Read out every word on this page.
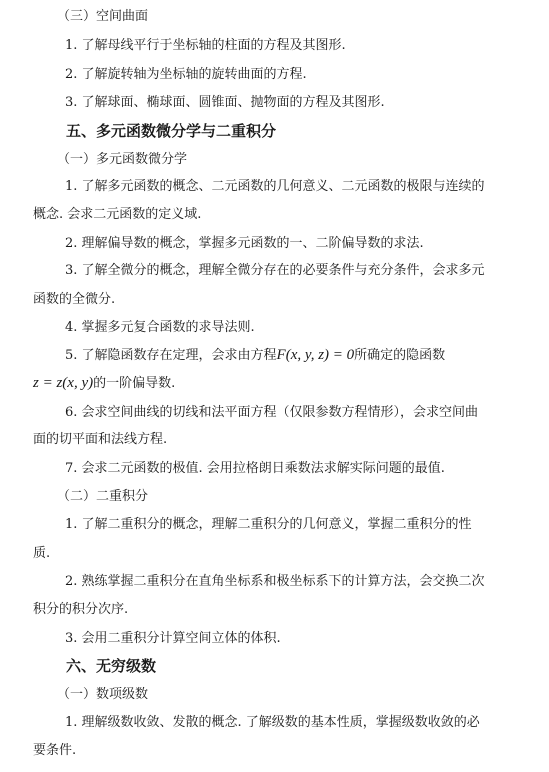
（三）空间曲面
1. 了解母线平行于坐标轴的柱面的方程及其图形.
2. 了解旋转轴为坐标轴的旋转曲面的方程.
3. 了解球面、椭球面、圆锥面、抛物面的方程及其图形.
五、多元函数微分学与二重积分
（一）多元函数微分学
1. 了解多元函数的概念、二元函数的几何意义、二元函数的极限与连续的
概念. 会求二元函数的定义域.
2. 理解偏导数的概念，掌握多元函数的一、二阶偏导数的求法.
3. 了解全微分的概念，理解全微分存在的必要条件与充分条件，会求多元
函数的全微分.
4. 掌握多元复合函数的求导法则.
5. 了解隐函数存在定理，会求由方程F(x, y, z) = 0所确定的隐函数
z = z(x, y)的一阶偏导数.
6. 会求空间曲线的切线和法平面方程（仅限参数方程情形），会求空间曲
面的切平面和法线方程.
7. 会求二元函数的极值. 会用拉格朗日乘数法求解实际问题的最值.
（二）二重积分
1. 了解二重积分的概念，理解二重积分的几何意义，掌握二重积分的性
质.
2. 熟练掌握二重积分在直角坐标系和极坐标系下的计算方法，会交换二次
积分的积分次序.
3. 会用二重积分计算空间立体的体积.
六、无穷级数
（一）数项级数
1. 理解级数收敛、发散的概念. 了解级数的基本性质，掌握级数收敛的必
要条件.
